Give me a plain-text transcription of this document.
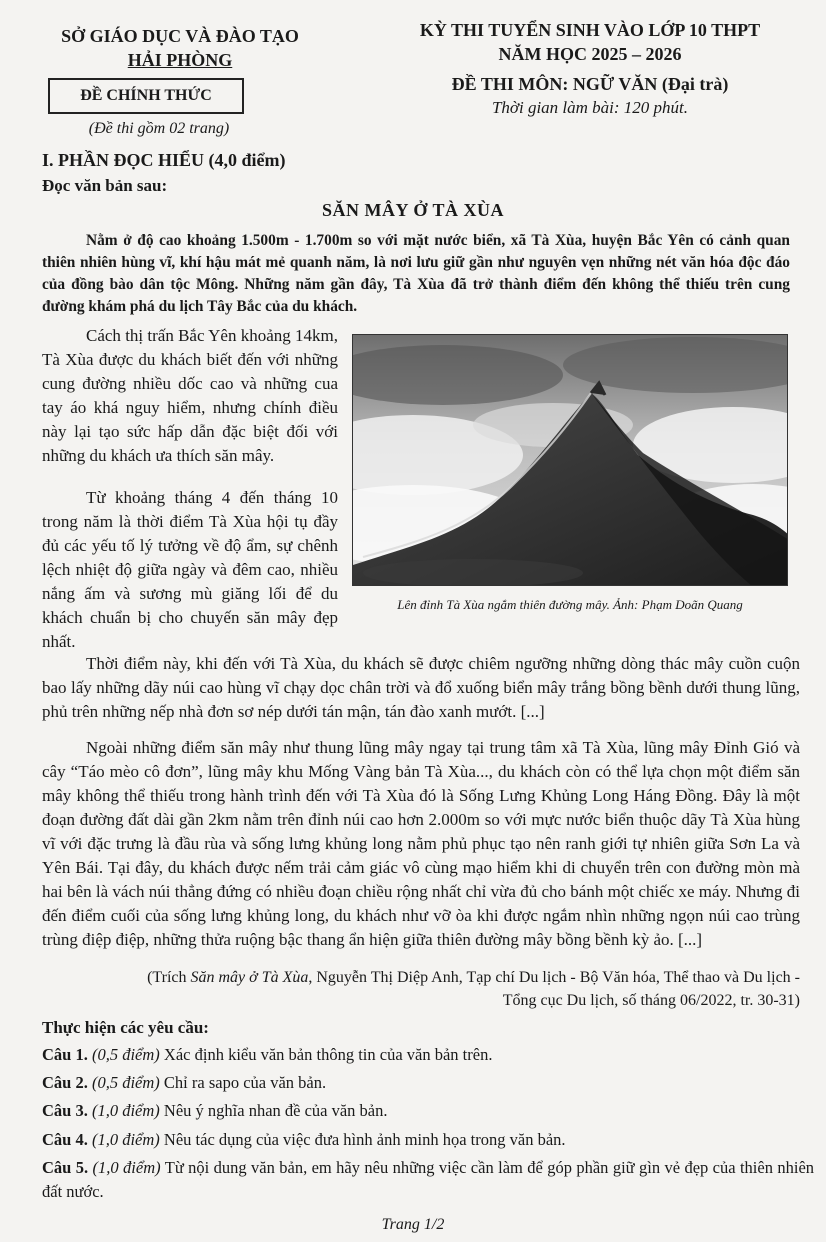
SỞ GIÁO DỤC VÀ ĐÀO TẠO
HẢI PHÒNG
ĐỀ CHÍNH THỨC
(Đề thi gồm 02 trang)
KỲ THI TUYỂN SINH VÀO LỚP 10 THPT
NĂM HỌC 2025 – 2026
ĐỀ THI MÔN: NGỮ VĂN (Đại trà)
Thời gian làm bài: 120 phút.
I. PHẦN ĐỌC HIỂU (4,0 điểm)
Đọc văn bản sau:
SĂN MÂY Ở TÀ XÙA
Nằm ở độ cao khoảng 1.500m - 1.700m so với mặt nước biển, xã Tà Xùa, huyện Bắc Yên có cảnh quan thiên nhiên hùng vĩ, khí hậu mát mẻ quanh năm, là nơi lưu giữ gần như nguyên vẹn những nét văn hóa độc đáo của đồng bào dân tộc Mông. Những năm gần đây, Tà Xùa đã trở thành điểm đến không thể thiếu trên cung đường khám phá du lịch Tây Bắc của du khách.
Cách thị trấn Bắc Yên khoảng 14km, Tà Xùa được du khách biết đến với những cung đường nhiều dốc cao và những cua tay áo khá nguy hiểm, nhưng chính điều này lại tạo sức hấp dẫn đặc biệt đối với những du khách ưa thích săn mây.
Từ khoảng tháng 4 đến tháng 10 trong năm là thời điểm Tà Xùa hội tụ đầy đủ các yếu tố lý tưởng về độ ẩm, sự chênh lệch nhiệt độ giữa ngày và đêm cao, nhiều nắng ấm và sương mù giăng lối để du khách chuẩn bị cho chuyến săn mây đẹp nhất.
Lên đỉnh Tà Xùa ngắm thiên đường mây. Ảnh: Phạm Doãn Quang
Thời điểm này, khi đến với Tà Xùa, du khách sẽ được chiêm ngưỡng những dòng thác mây cuồn cuộn bao lấy những dãy núi cao hùng vĩ chạy dọc chân trời và đổ xuống biển mây trắng bồng bềnh dưới thung lũng, phủ trên những nếp nhà đơn sơ nép dưới tán mận, tán đào xanh mướt. [...]
Ngoài những điểm săn mây như thung lũng mây ngay tại trung tâm xã Tà Xùa, lũng mây Đỉnh Gió và cây “Táo mèo cô đơn”, lũng mây khu Mống Vàng bản Tà Xùa..., du khách còn có thể lựa chọn một điểm săn mây không thể thiếu trong hành trình đến với Tà Xùa đó là Sống Lưng Khủng Long Háng Đồng. Đây là một đoạn đường đất dài gần 2km nằm trên đỉnh núi cao hơn 2.000m so với mực nước biển thuộc dãy Tà Xùa hùng vĩ với đặc trưng là đầu rùa và sống lưng khủng long nằm phủ phục tạo nên ranh giới tự nhiên giữa Sơn La và Yên Bái. Tại đây, du khách được nếm trải cảm giác vô cùng mạo hiểm khi di chuyển trên con đường mòn mà hai bên là vách núi thẳng đứng có nhiều đoạn chiều rộng nhất chỉ vừa đủ cho bánh một chiếc xe máy. Nhưng đi đến điểm cuối của sống lưng khủng long, du khách như vỡ òa khi được ngắm nhìn những ngọn núi cao trùng trùng điệp điệp, những thửa ruộng bậc thang ẩn hiện giữa thiên đường mây bồng bềnh kỳ ảo. [...]
(Trích Săn mây ở Tà Xùa, Nguyễn Thị Diệp Anh, Tạp chí Du lịch - Bộ Văn hóa, Thể thao và Du lịch -
Tổng cục Du lịch, số tháng 06/2022, tr. 30-31)
Thực hiện các yêu cầu:
Câu 1. (0,5 điểm) Xác định kiểu văn bản thông tin của văn bản trên.
Câu 2. (0,5 điểm) Chỉ ra sapo của văn bản.
Câu 3. (1,0 điểm) Nêu ý nghĩa nhan đề của văn bản.
Câu 4. (1,0 điểm) Nêu tác dụng của việc đưa hình ảnh minh họa trong văn bản.
Câu 5. (1,0 điểm) Từ nội dung văn bản, em hãy nêu những việc cần làm để góp phần giữ gìn vẻ đẹp của thiên nhiên đất nước.
Trang 1/2
